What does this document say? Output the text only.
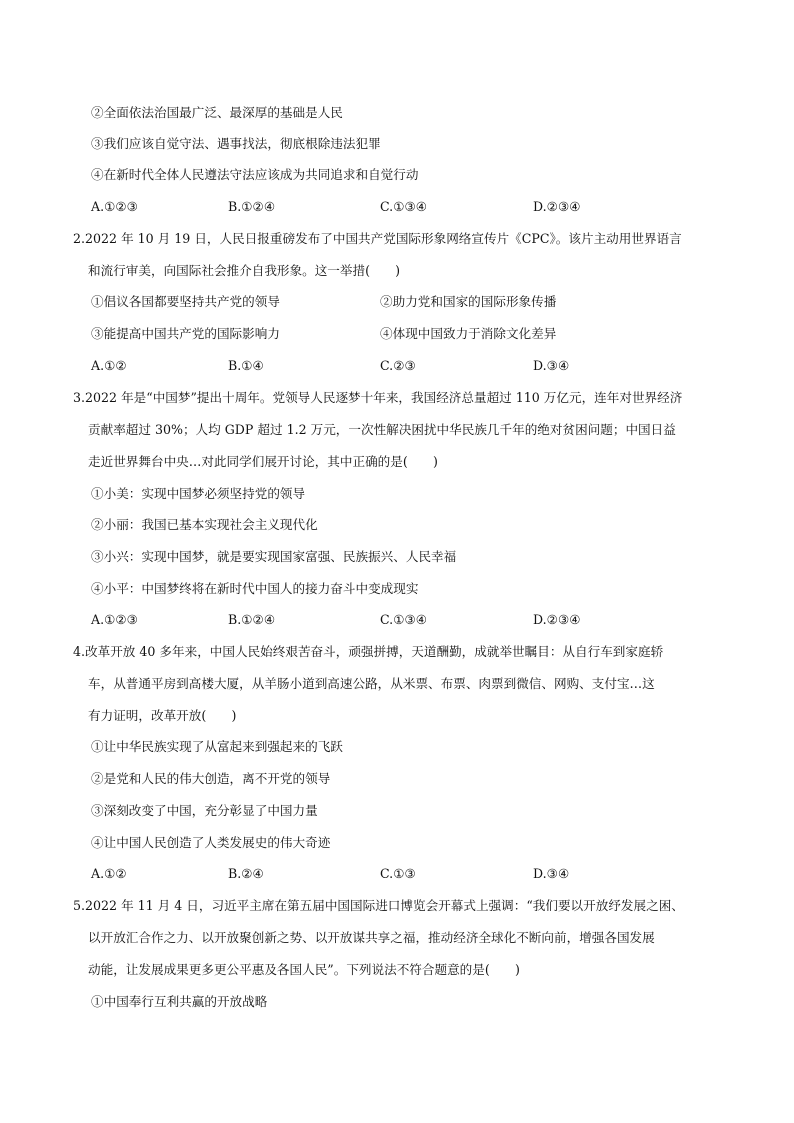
②全面依法治国最广泛、最深厚的基础是人民
③我们应该自觉守法、遇事找法，彻底根除违法犯罪
④在新时代全体人民遵法守法应该成为共同追求和自觉行动
A.①②③	B.①②④	C.①③④	D.②③④
2.2022 年 10 月 19 日，人民日报重磅发布了中国共产党国际形象网络宣传片《CPC》。该片主动用世界语言
和流行审美，向国际社会推介自我形象。这一举措(　　)
①倡议各国都要坚持共产党的领导	②助力党和国家的国际形象传播
③能提高中国共产党的国际影响力	④体现中国致力于消除文化差异
A.①②	B.①④	C.②③	D.③④
3.2022 年是“中国梦”提出十周年。党领导人民逐梦十年来，我国经济总量超过 110 万亿元，连年对世界经济
贡献率超过 30%；人均 GDP 超过 1.2 万元，一次性解决困扰中华民族几千年的绝对贫困问题；中国日益
走近世界舞台中央…对此同学们展开讨论，其中正确的是(　　)
①小美：实现中国梦必须坚持党的领导
②小丽：我国已基本实现社会主义现代化
③小兴：实现中国梦，就是要实现国家富强、民族振兴、人民幸福
④小平：中国梦终将在新时代中国人的接力奋斗中变成现实
A.①②③	B.①②④	C.①③④	D.②③④
4.改革开放 40 多年来，中国人民始终艰苦奋斗，顽强拼搏，天道酬勤，成就举世瞩目：从自行车到家庭轿
车，从普通平房到高楼大厦，从羊肠小道到高速公路，从米票、布票、肉票到微信、网购、支付宝…这
有力证明，改革开放(　　)
①让中华民族实现了从富起来到强起来的飞跃
②是党和人民的伟大创造，离不开党的领导
③深刻改变了中国，充分彰显了中国力量
④让中国人民创造了人类发展史的伟大奇迹
A.①②	B.②④	C.①③	D.③④
5.2022 年 11 月 4 日，习近平主席在第五届中国国际进口博览会开幕式上强调：“我们要以开放纾发展之困、
以开放汇合作之力、以开放聚创新之势、以开放谋共享之福，推动经济全球化不断向前，增强各国发展
动能，让发展成果更多更公平惠及各国人民”。下列说法不符合题意的是(　　)
①中国奉行互利共赢的开放战略
